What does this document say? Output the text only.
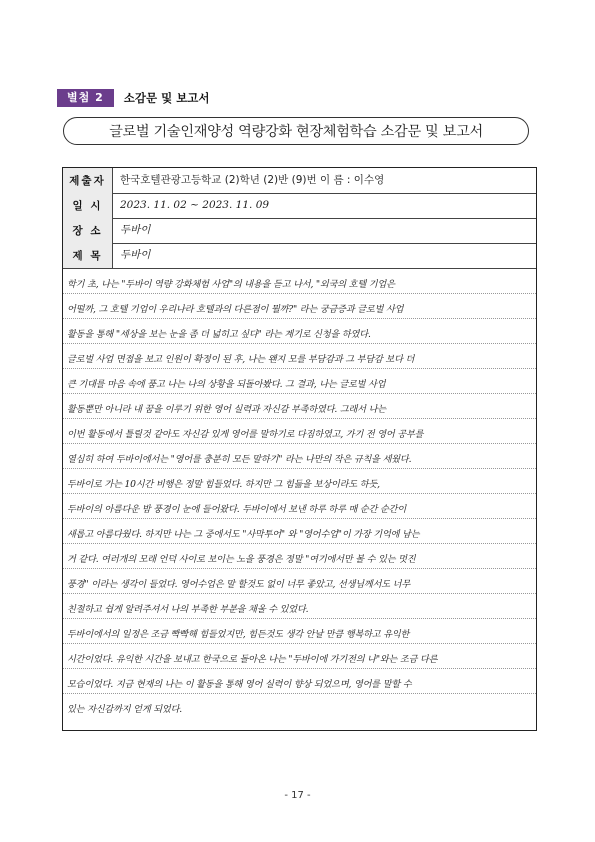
별첨 2	소감문 및 보고서
글로벌 기술인재양성 역량강화 현장체험학습 소감문 및 보고서
제출자 한국호텔관광고등학교 (2)학년 (2)반 (9)번 이 름 : 이수영
일 시 2023. 11. 02 ~ 2023. 11. 09
장 소 두바이
제 목 두바이
학기 초, 나는 "두바이 역량 강화체험 사업"의 내용을 듣고 나서, "외국의 호텔 기업은
어떨까, 그 호텔 기업이 우리나라 호텔과의 다른점이 뭘까?" 라는 궁금증과 글로벌 사업
활동을 통해 "세상을 보는 눈을 좀 더 넓히고 싶다" 라는 계기로 신청을 하였다.
글로벌 사업 면접을 보고 인원이 확정이 된 후, 나는 왠지 모를 부담감과 그 부담감 보다 더
큰 기대를 마음 속에 품고 나는 나의 상황을 되돌아봤다. 그 결과, 나는 글로벌 사업
활동뿐만 아니라 내 꿈을 이루기 위한 영어 실력과 자신감 부족하였다. 그래서 나는
이번 활동에서 틀릴것 같아도 자신감 있게 영어를 말하기로 다짐하였고, 가기 전 영어 공부를
열심히 하여 두바이에서는 "영어를 충분히 모든 말하기" 라는 나만의 작은 규칙을 세웠다.
두바이로 가는 10시간 비행은 정말 힘들었다. 하지만 그 힘듦을 보상이라도 하듯,
두바이의 아름다운 밤 풍경이 눈에 들어왔다. 두바이에서 보낸 하루 하루 매 순간 순간이
새롭고 아름다웠다. 하지만 나는 그 중에서도 "사막투어" 와 "영어수업"이 가장 기억에 남는
거 같다. 여러개의 모래 언덕 사이로 보이는 노을 풍경은 정말 "여기에서만 볼 수 있는 멋진
풍경" 이라는 생각이 들었다. 영어수업은 말 할것도 없이 너무 좋았고, 선생님께서도 너무
친절하고 쉽게 알려주셔서 나의 부족한 부분을 채울 수 있었다.
두바이에서의 일정은 조금 빡빡해 힘들었지만, 힘든것도 생각 안날 만큼 행복하고 유익한
시간이었다. 유익한 시간을 보내고 한국으로 돌아온 나는 "두바이에 가기전의 나"와는 조금 다른
모습이었다. 지금 현재의 나는 이 활동을 통해 영어 실력이 향상 되었으며, 영어를 말할 수
있는 자신감까지 얻게 되었다.
- 17 -
